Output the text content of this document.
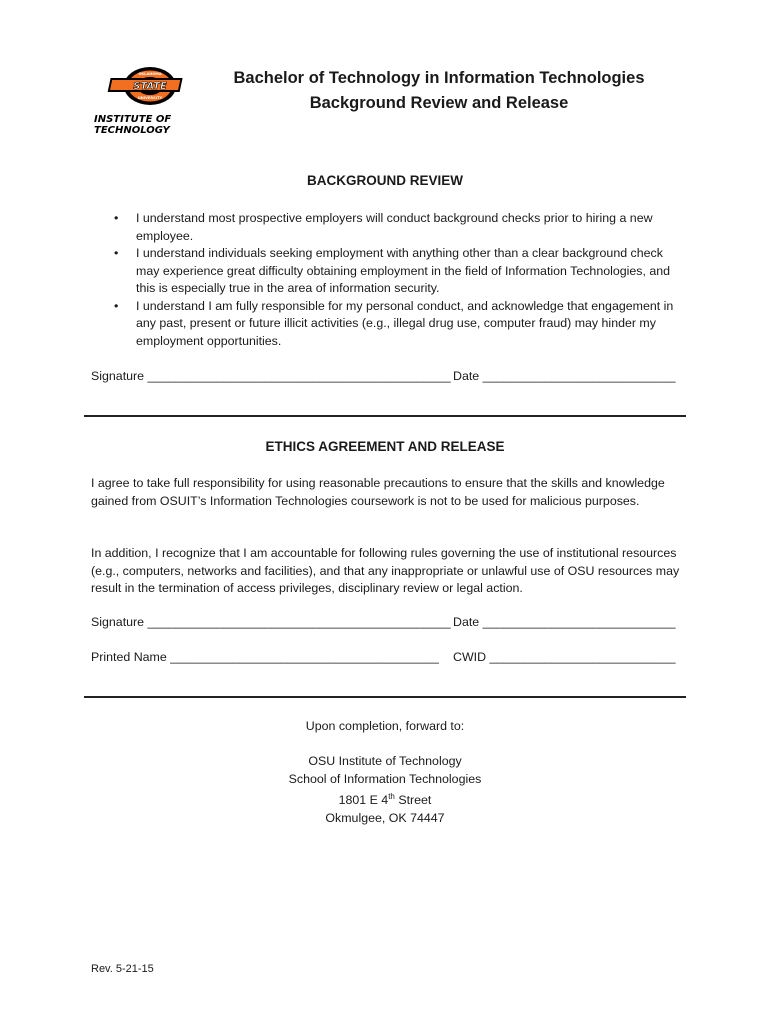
STATE
OKLAHOMA
UNIVERSITY
INSTITUTE OF
TECHNOLOGY
Bachelor of Technology in Information Technologies
Background Review and Release
BACKGROUND REVIEW
• I understand most prospective employers will conduct background checks prior to hiring a new employee.
• I understand individuals seeking employment with anything other than a clear background check may experience great difficulty obtaining employment in the field of Information Technologies, and this is especially true in the area of information security.
• I understand I am fully responsible for my personal conduct, and acknowledge that engagement in any past, present or future illicit activities (e.g., illegal drug use, computer fraud) may hinder my employment opportunities.
Signature ____________________________________________ Date ____________________________
ETHICS AGREEMENT AND RELEASE
I agree to take full responsibility for using reasonable precautions to ensure that the skills and knowledge gained from OSUIT’s Information Technologies coursework is not to be used for malicious purposes.
In addition, I recognize that I am accountable for following rules governing the use of institutional resources (e.g., computers, networks and facilities), and that any inappropriate or unlawful use of OSU resources may result in the termination of access privileges, disciplinary review or legal action.
Signature ____________________________________________ Date ____________________________
Printed Name _______________________________________ CWID ___________________________
Upon completion, forward to:
OSU Institute of Technology
School of Information Technologies
1801 E 4th Street
Okmulgee, OK 74447
Rev. 5-21-15
